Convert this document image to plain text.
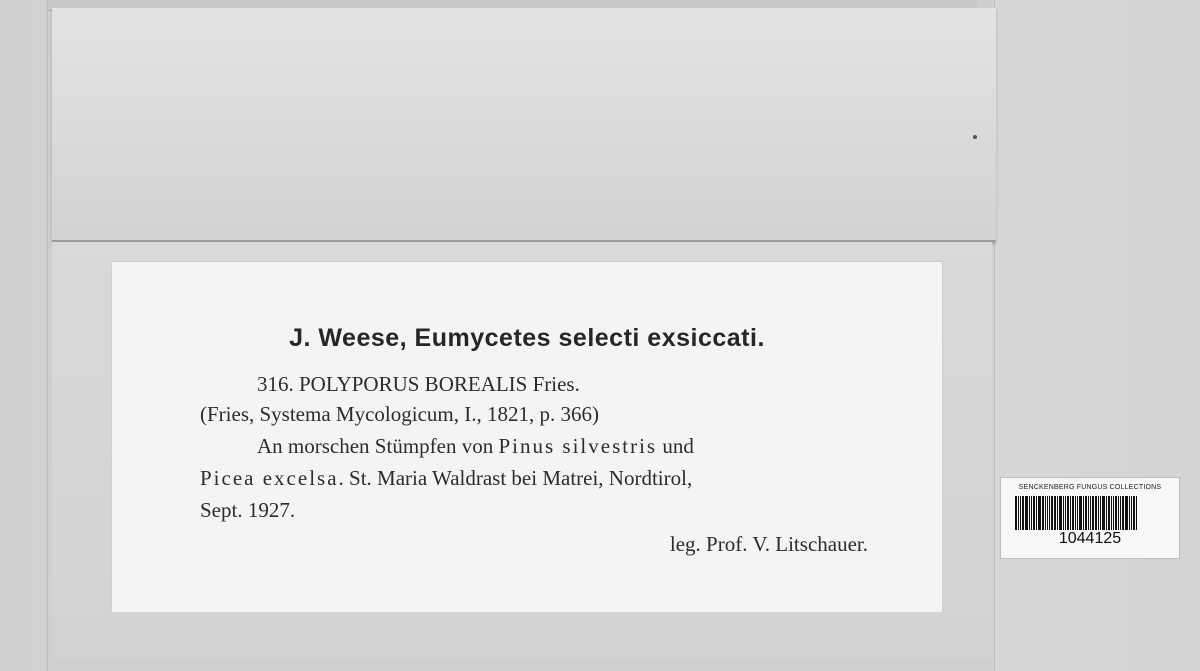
J. Weese, Eumycetes selecti exsiccati.
316. POLYPORUS BOREALIS Fries.
(Fries, Systema Mycologicum, I., 1821, p. 366)
An morschen Stümpfen von Pinus silvestris und
Picea excelsa. St. Maria Waldrast bei Matrei, Nordtirol,
Sept. 1927.
leg. Prof. V. Litschauer.
SENCKENBERG FUNGUS COLLECTIONS
1044125
